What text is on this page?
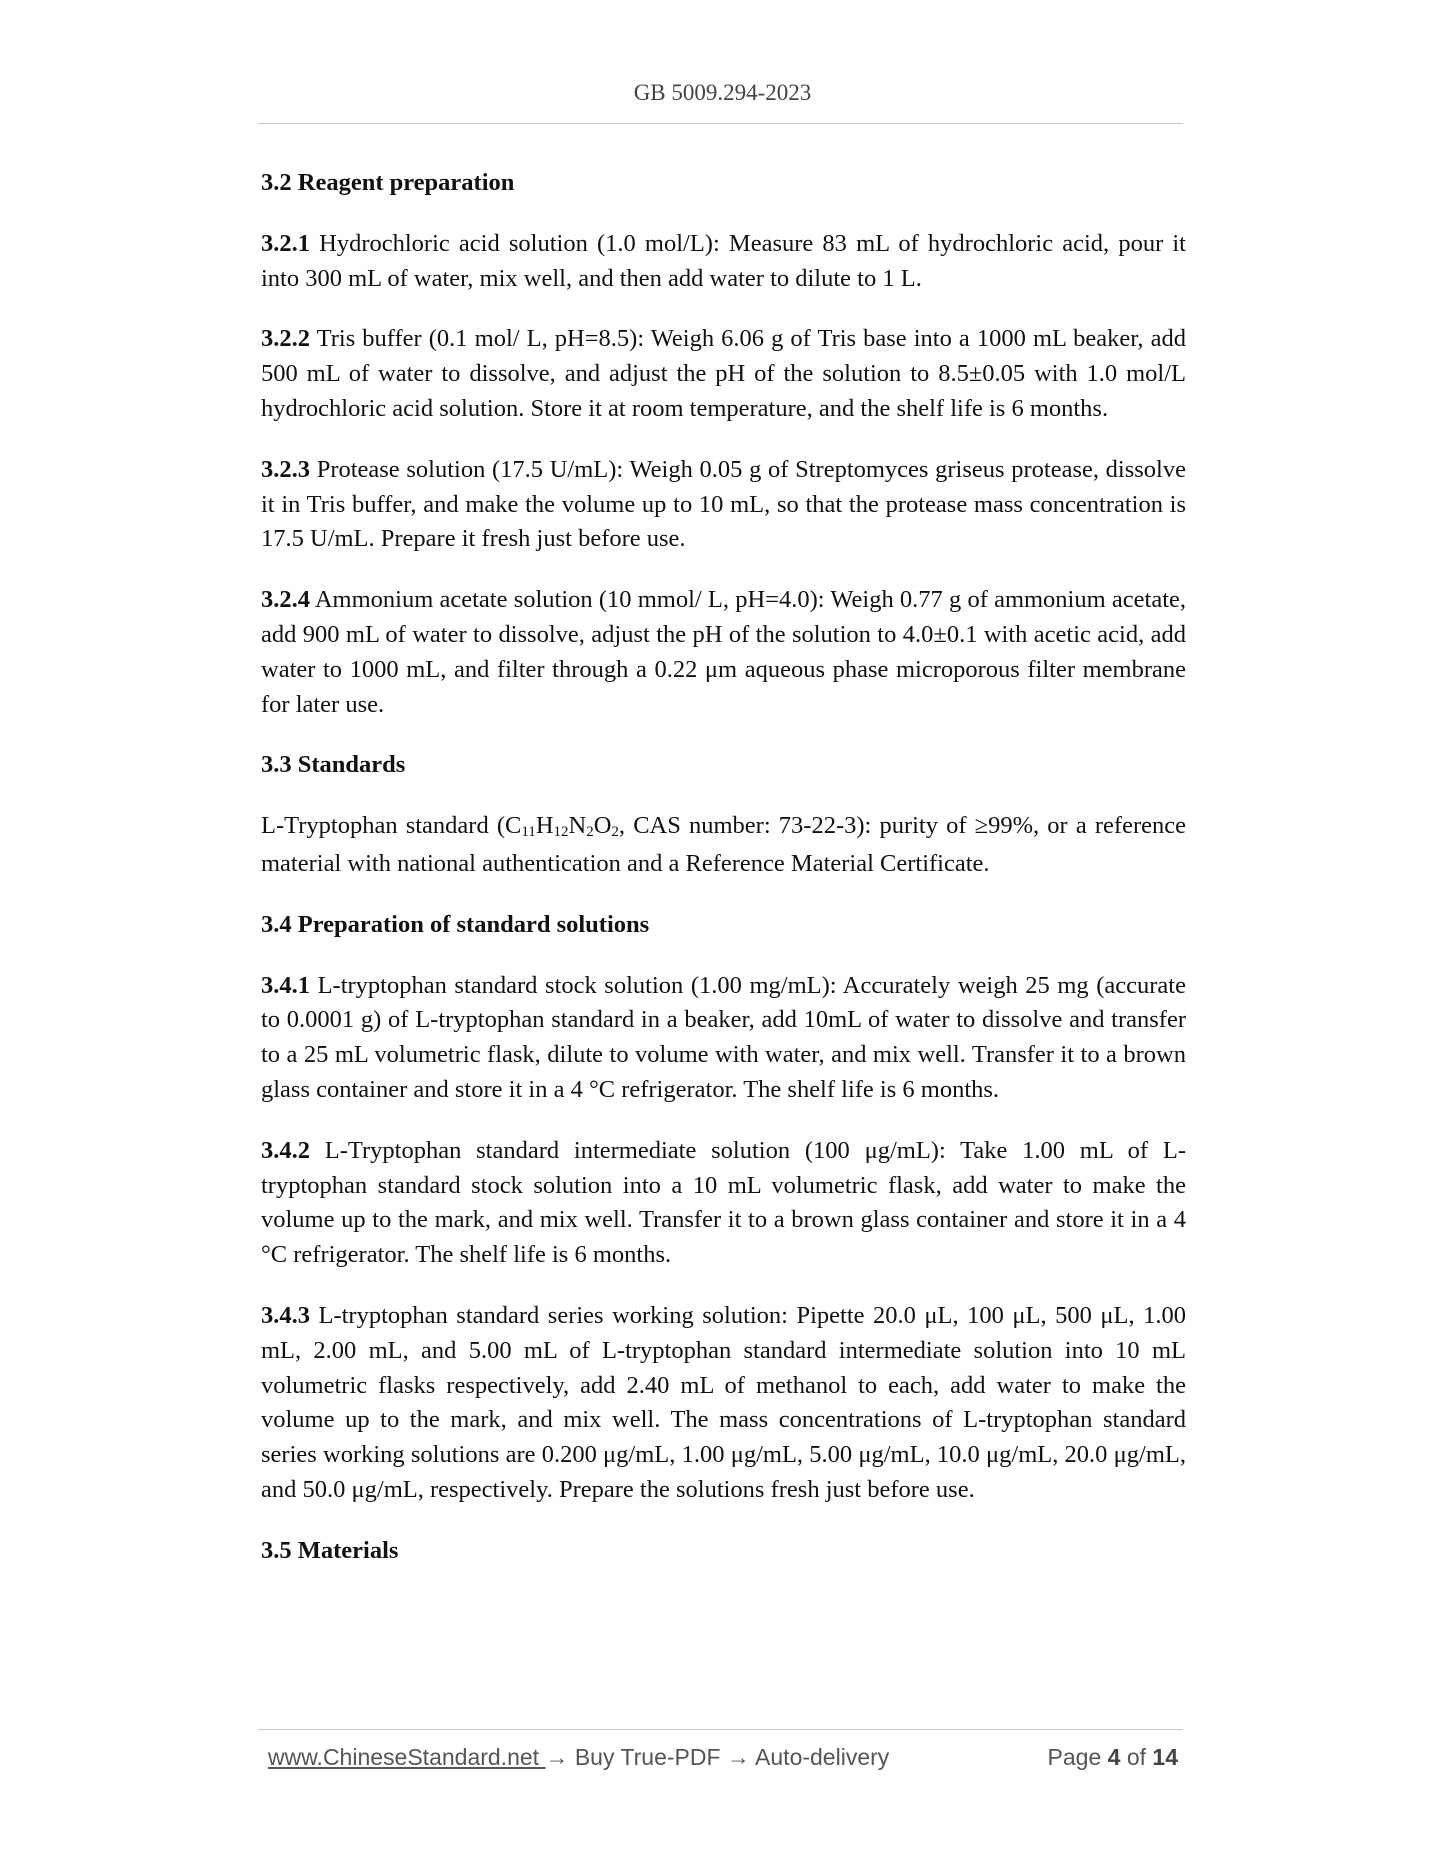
GB 5009.294-2023
3.2 Reagent preparation

3.2.1 Hydrochloric acid solution (1.0 mol/L): Measure 83 mL of hydrochloric acid, pour it into 300 mL of water, mix well, and then add water to dilute to 1 L.

3.2.2 Tris buffer (0.1 mol/ L, pH=8.5): Weigh 6.06 g of Tris base into a 1000 mL beaker, add 500 mL of water to dissolve, and adjust the pH of the solution to 8.5±0.05 with 1.0 mol/L hydrochloric acid solution. Store it at room temperature, and the shelf life is 6 months.

3.2.3 Protease solution (17.5 U/mL): Weigh 0.05 g of Streptomyces griseus protease, dissolve it in Tris buffer, and make the volume up to 10 mL, so that the protease mass concentration is 17.5 U/mL. Prepare it fresh just before use.

3.2.4 Ammonium acetate solution (10 mmol/ L, pH=4.0): Weigh 0.77 g of ammonium acetate, add 900 mL of water to dissolve, adjust the pH of the solution to 4.0±0.1 with acetic acid, add water to 1000 mL, and filter through a 0.22 μm aqueous phase microporous filter membrane for later use.

3.3 Standards

L-Tryptophan standard ($C_{11}H_{12}N_2O_2$, CAS number: 73-22-3): purity of ≥99%, or a reference material with national authentication and a Reference Material Certificate.

3.4 Preparation of standard solutions

3.4.1 L-tryptophan standard stock solution (1.00 mg/mL): Accurately weigh 25 mg (accurate to 0.0001 g) of L-tryptophan standard in a beaker, add 10mL of water to dissolve and transfer to a 25 mL volumetric flask, dilute to volume with water, and mix well. Transfer it to a brown glass container and store it in a 4 °C refrigerator. The shelf life is 6 months.

3.4.2 L-Tryptophan standard intermediate solution (100 μg/mL): Take 1.00 mL of L-tryptophan standard stock solution into a 10 mL volumetric flask, add water to make the volume up to the mark, and mix well. Transfer it to a brown glass container and store it in a 4 °C refrigerator. The shelf life is 6 months.

3.4.3 L-tryptophan standard series working solution: Pipette 20.0 μL, 100 μL, 500 μL, 1.00 mL, 2.00 mL, and 5.00 mL of L-tryptophan standard intermediate solution into 10 mL volumetric flasks respectively, add 2.40 mL of methanol to each, add water to make the volume up to the mark, and mix well. The mass concentrations of L-tryptophan standard series working solutions are 0.200 μg/mL, 1.00 μg/mL, 5.00 μg/mL, 10.0 μg/mL, 20.0 μg/mL, and 50.0 μg/mL, respectively. Prepare the solutions fresh just before use.

3.5 Materials
www.ChineseStandard.net → Buy True-PDF → Auto-delivery	Page 4 of 14
